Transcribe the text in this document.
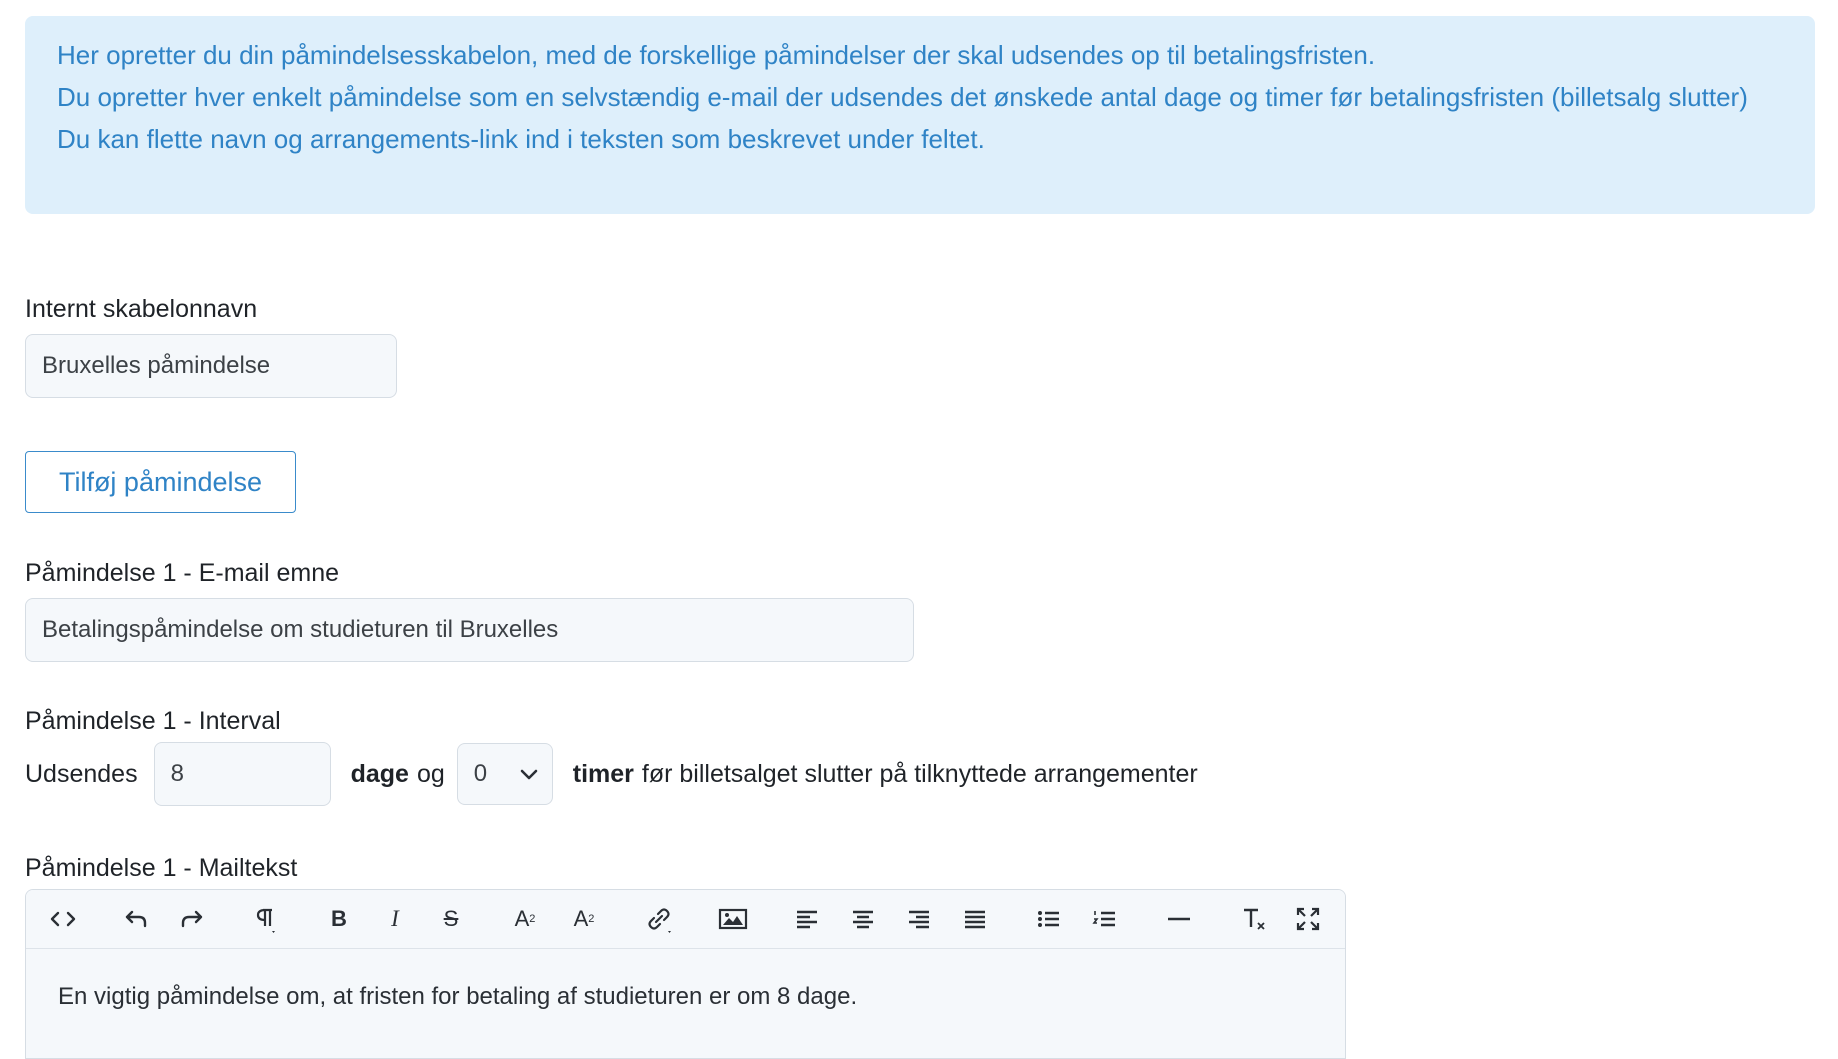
Her opretter du din påmindelsesskabelon, med de forskellige påmindelser der skal udsendes op til betalingsfristen.

Du opretter hver enkelt påmindelse som en selvstændig e-mail der udsendes det ønskede antal dage og timer før betalingsfristen (billetsalg slutter)

Du kan flette navn og arrangements-link ind i teksten som beskrevet under feltet.

Internt skabelonnavn
Bruxelles påmindelse
Tilføj påmindelse
Påmindelse 1 - E-mail emne
Betalingspåmindelse om studieturen til Bruxelles
Påmindelse 1 - Interval
Udsendes	8	dage og 0	timer før billetsalget slutter på tilknyttede arrangementer
Påmindelse 1 - Mailtekst
B	I	S	A 2 A 2
En vigtig påmindelse om, at fristen for betaling af studieturen er om 8 dage.
